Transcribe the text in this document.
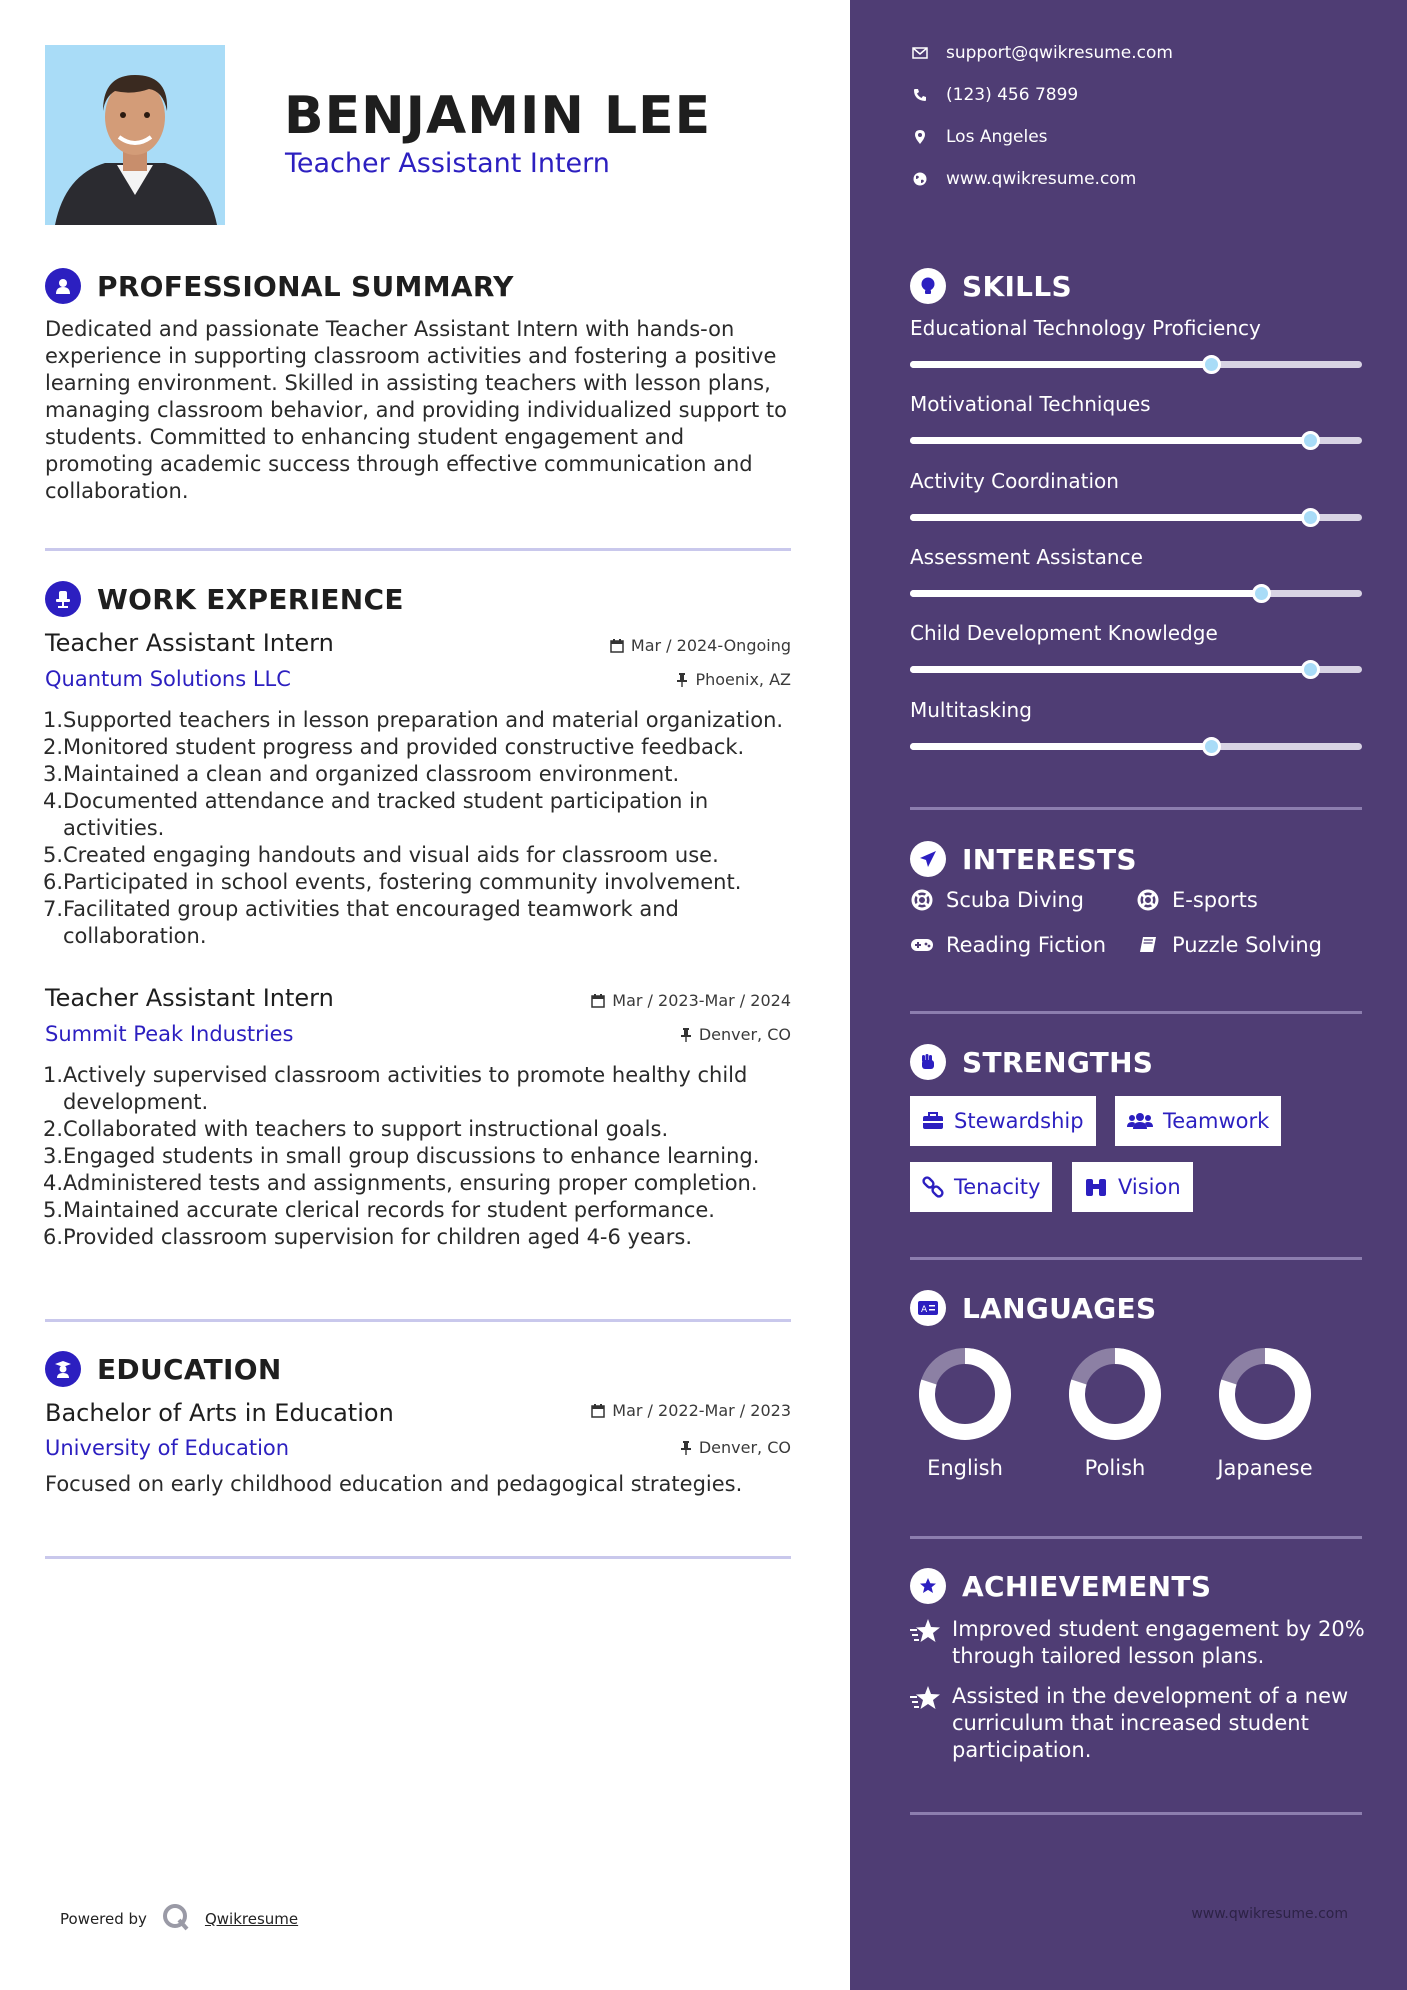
BENJAMIN LEE
Teacher Assistant Intern
PROFESSIONAL SUMMARY
Dedicated and passionate Teacher Assistant Intern with hands-on experience in supporting classroom activities and fostering a positive learning environment. Skilled in assisting teachers with lesson plans, managing classroom behavior, and providing individualized support to students. Committed to enhancing student engagement and promoting academic success through effective communication and collaboration.
WORK EXPERIENCE
Teacher Assistant Intern	Mar / 2024-Ongoing
Quantum Solutions LLC	Phoenix, AZ
1. Supported teachers in lesson preparation and material organization.
2. Monitored student progress and provided constructive feedback.
3. Maintained a clean and organized classroom environment.
4. Documented attendance and tracked student participation in activities.
5. Created engaging handouts and visual aids for classroom use.
6. Participated in school events, fostering community involvement.
7. Facilitated group activities that encouraged teamwork and collaboration.
Teacher Assistant Intern	Mar / 2023-Mar / 2024
Summit Peak Industries	Denver, CO
1. Actively supervised classroom activities to promote healthy child development.
2. Collaborated with teachers to support instructional goals.
3. Engaged students in small group discussions to enhance learning.
4. Administered tests and assignments, ensuring proper completion.
5. Maintained accurate clerical records for student performance.
6. Provided classroom supervision for children aged 4-6 years.
EDUCATION
Bachelor of Arts in Education	Mar / 2022-Mar / 2023
University of Education	Denver, CO
Focused on early childhood education and pedagogical strategies.
Powered by	Qwikresume
support@qwikresume.com
(123) 456 7899
Los Angeles
www.qwikresume.com
SKILLS
Educational Technology Proficiency
Motivational Techniques
Activity Coordination
Assessment Assistance
Child Development Knowledge
Multitasking
INTERESTS
Scuba Diving	E-sports
Reading Fiction	Puzzle Solving
STRENGTHS
Stewardship	Teamwork
Tenacity	Vision
A LANGUAGES
English	Polish	Japanese
ACHIEVEMENTS
Improved student engagement by 20% through tailored lesson plans.
Assisted in the development of a new curriculum that increased student participation.
www.qwikresume.com
